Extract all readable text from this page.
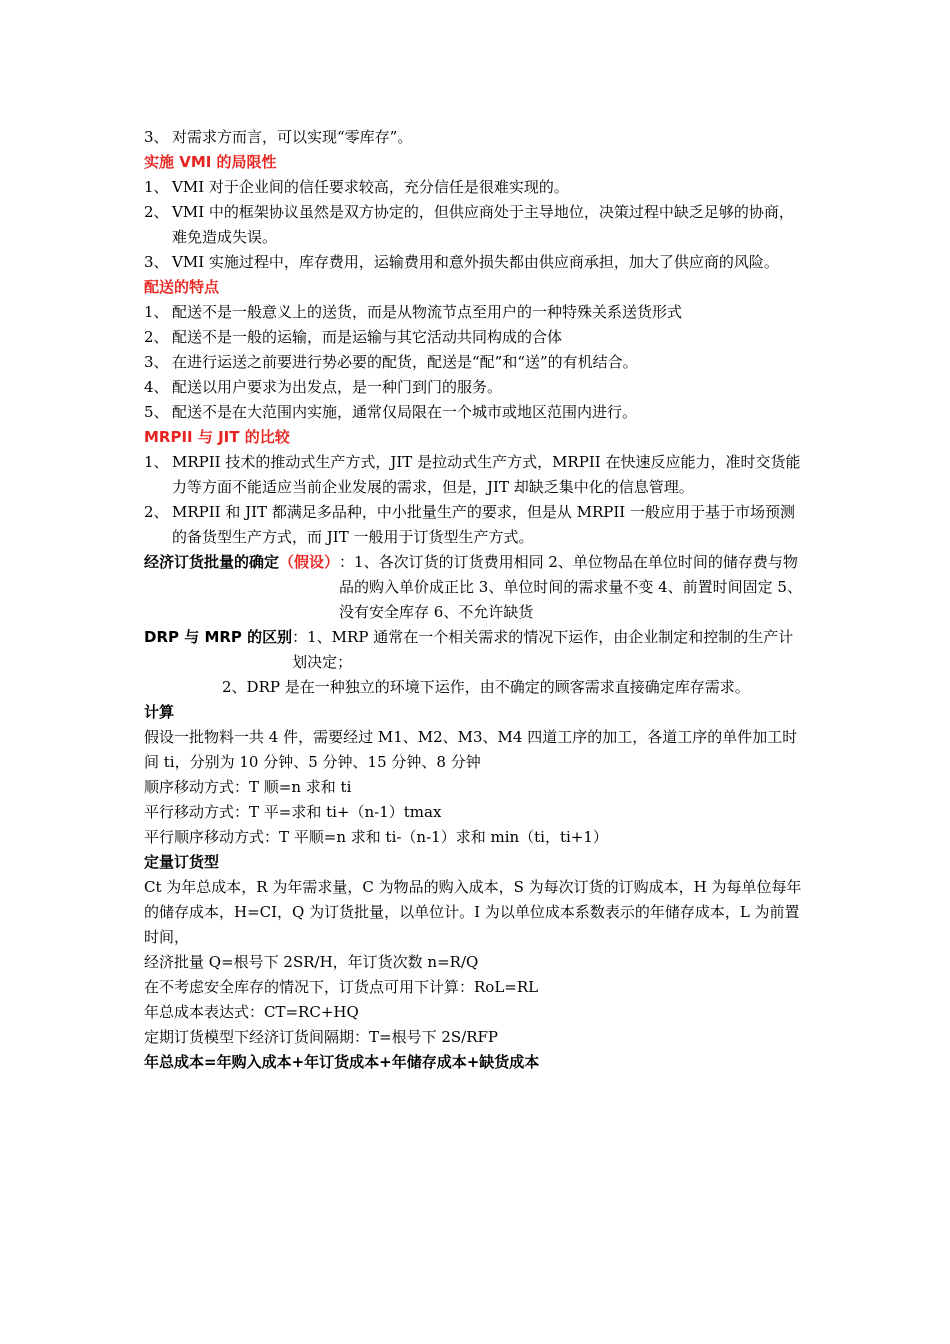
3、 对需求方而言，可以实现“零库存”。
实施 VMI 的局限性
1、 VMI 对于企业间的信任要求较高，充分信任是很难实现的。
2、 VMI 中的框架协议虽然是双方协定的，但供应商处于主导地位，决策过程中缺乏足够的协商，难免造成失误。
3、 VMI 实施过程中，库存费用，运输费用和意外损失都由供应商承担，加大了供应商的风险。
配送的特点
1、 配送不是一般意义上的送货，而是从物流节点至用户的一种特殊关系送货形式
2、 配送不是一般的运输，而是运输与其它活动共同构成的合体
3、 在进行运送之前要进行势必要的配货，配送是“配”和“送”的有机结合。
4、 配送以用户要求为出发点，是一种门到门的服务。
5、 配送不是在大范围内实施，通常仅局限在一个城市或地区范围内进行。
MRPII 与 JIT 的比较
1、 MRPII 技术的推动式生产方式，JIT 是拉动式生产方式，MRPII 在快速反应能力，准时交货能力等方面不能适应当前企业发展的需求，但是，JIT 却缺乏集中化的信息管理。
2、 MRPII 和 JIT 都满足多品种，中小批量生产的要求，但是从 MRPII 一般应用于基于市场预测的备货型生产方式，而 JIT 一般用于订货型生产方式。
经济订货批量的确定（假设） ：1、各次订货的订货费用相同 2、单位物品在单位时间的储存费与物品的购入单价成正比 3、单位时间的需求量不变 4、前置时间固定 5、没有安全库存 6、不允许缺货
DRP 与 MRP 的区别 ：1、MRP 通常在一个相关需求的情况下运作，由企业制定和控制的生产计划决定；
2、DRP 是在一种独立的环境下运作，由不确定的顾客需求直接确定库存需求。
计算
假设一批物料一共 4 件，需要经过 M1、M2、M3、M4 四道工序的加工，各道工序的单件加工时间 ti，分别为 10 分钟、5 分钟、15 分钟、8 分钟
顺序移动方式：T 顺=n 求和 ti
平行移动方式：T 平=求和 ti+（n-1）tmax
平行顺序移动方式：T 平顺=n 求和 ti-（n-1）求和 min（ti，ti+1）
定量订货型
Ct 为年总成本，R 为年需求量，C 为物品的购入成本，S 为每次订货的订购成本，H 为每单位每年的储存成本，H=CI，Q 为订货批量，以单位计。I 为以单位成本系数表示的年储存成本，L 为前置时间，
经济批量 Q=根号下 2SR/H，年订货次数 n=R/Q
在不考虑安全库存的情况下，订货点可用下计算：RoL=RL
年总成本表达式：CT=RC+HQ
定期订货模型下经济订货间隔期：T=根号下 2S/RFP
年总成本=年购入成本+年订货成本+年储存成本+缺货成本
